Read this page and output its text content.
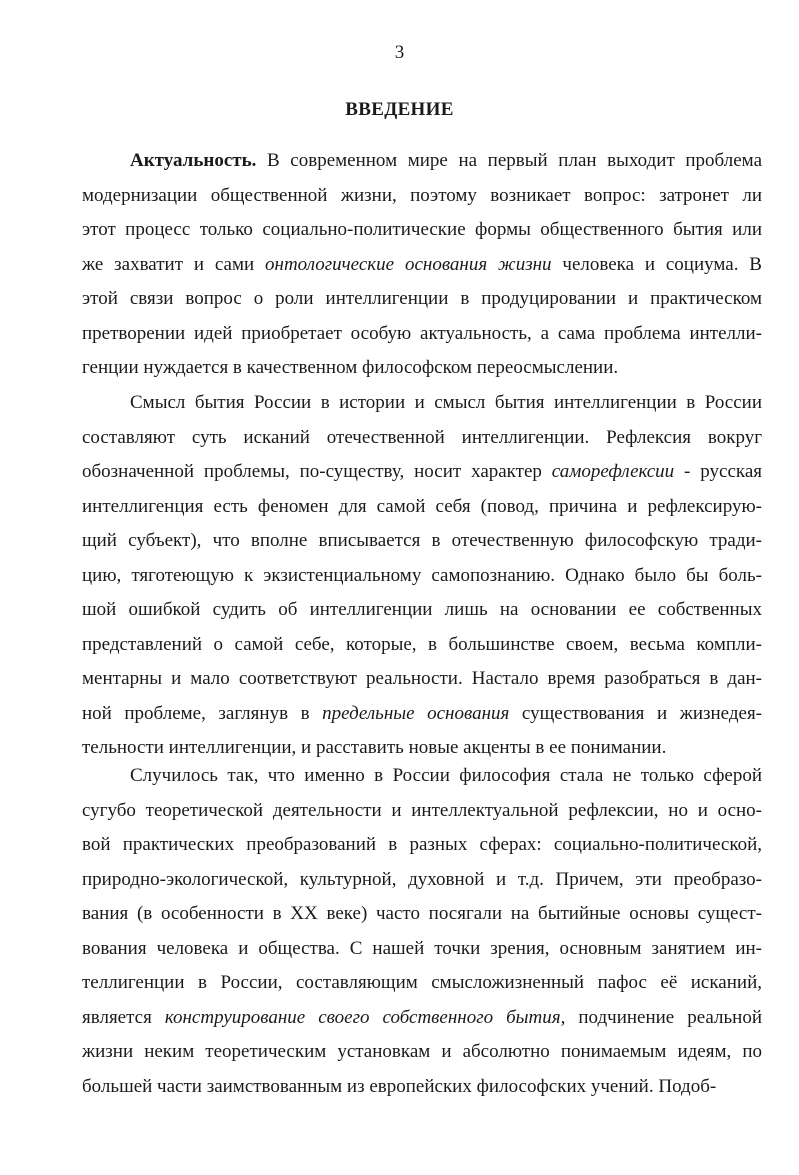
3
ВВЕДЕНИЕ
Актуальность. В современном мире на первый план выходит проблема
модернизации общественной жизни, поэтому возникает вопрос: затронет ли
этот процесс только социально-политические формы общественного бытия или
же захватит и сами онтологические основания жизни человека и социума. В
этой связи вопрос о роли интеллигенции в продуцировании и практическом
претворении идей приобретает особую актуальность, а сама проблема интелли-
генции нуждается в качественном философском переосмыслении.
Смысл бытия России в истории и смысл бытия интеллигенции в России
составляют суть исканий отечественной интеллигенции. Рефлексия вокруг
обозначенной проблемы, по-существу, носит характер саморефлексии - русская
интеллигенция есть феномен для самой себя (повод, причина и рефлексирую-
щий субъект), что вполне вписывается в отечественную философскую тради-
цию, тяготеющую к экзистенциальному самопознанию. Однако было бы боль-
шой ошибкой судить об интеллигенции лишь на основании ее собственных
представлений о самой себе, которые, в большинстве своем, весьма компли-
ментарны и мало соответствуют реальности. Настало время разобраться в дан-
ной проблеме, заглянув в предельные основания существования и жизнедея-
тельности интеллигенции, и расставить новые акценты в ее понимании.
Случилось так, что именно в России философия стала не только сферой
сугубо теоретической деятельности и интеллектуальной рефлексии, но и осно-
вой практических преобразований в разных сферах: социально-политической,
природно-экологической, культурной, духовной и т.д. Причем, эти преобразо-
вания (в особенности в XX веке) часто посягали на бытийные основы сущест-
вования человека и общества. С нашей точки зрения, основным занятием ин-
теллигенции в России, составляющим смысложизненный пафос её исканий,
является конструирование своего собственного бытия, подчинение реальной
жизни неким теоретическим установкам и абсолютно понимаемым идеям, по
большей части заимствованным из европейских философских учений. Подоб-
